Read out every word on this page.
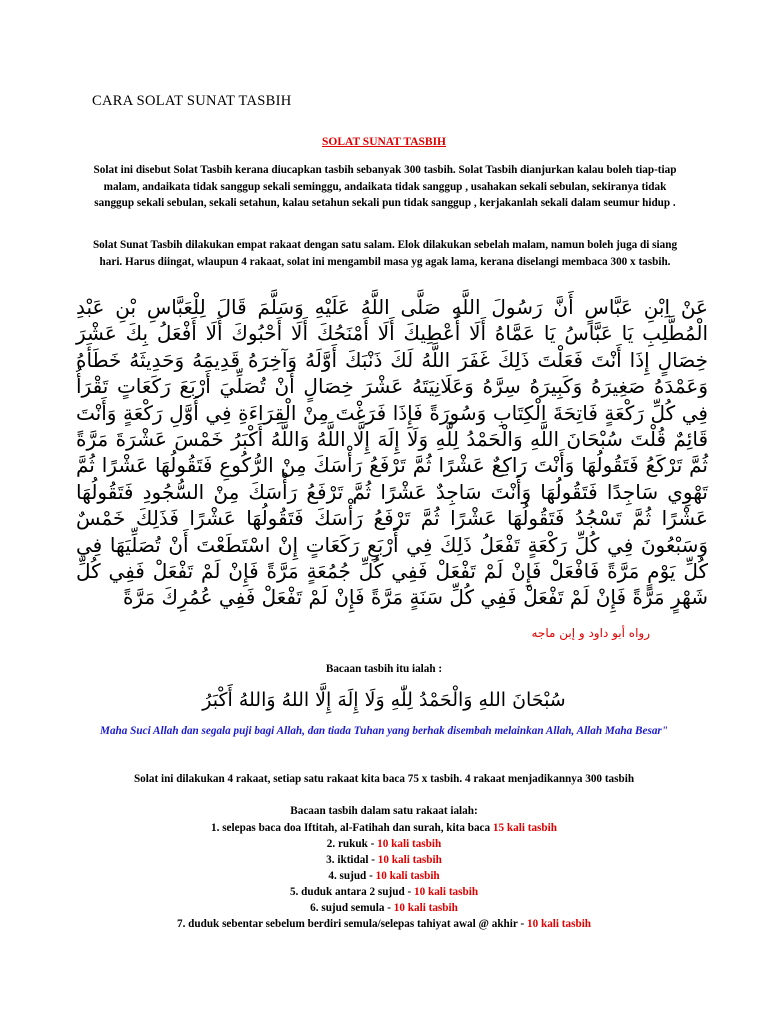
CARA SOLAT SUNAT TASBIH
SOLAT SUNAT TASBIH
Solat ini disebut Solat Tasbih kerana diucapkan tasbih sebanyak 300 tasbih. Solat Tasbih dianjurkan kalau boleh tiap-tiap malam, andaikata tidak sanggup sekali seminggu, andaikata tidak sanggup , usahakan sekali sebulan, sekiranya tidak sanggup sekali sebulan, sekali setahun, kalau setahun sekali pun tidak sanggup , kerjakanlah sekali dalam seumur hidup .
Solat Sunat Tasbih dilakukan empat rakaat dengan satu salam. Elok dilakukan sebelah malam, namun boleh juga di siang hari. Harus diingat, wlaupun 4 rakaat, solat ini mengambil masa yg agak lama, kerana diselangi membaca 300 x tasbih.
عَنْ اِبْنِ عَبَّاسٍ أَنَّ رَسُولَ اللَّهِ صَلَّى اللَّهُ عَلَيْهِ وَسَلَّمَ قَالَ لِلْعَبَّاسِ بْنِ عَبْدِ الْمُطَّلِبِ يَا عَبَّاسُ يَا عَمَّاهُ أَلَا أُعْطِيكَ أَلَا أَمْنَحُكَ أَلَا أَحْبُوكَ أَلَا أَفْعَلُ بِكَ عَشْرَ خِصَالٍ إِذَا أَنْتَ فَعَلْتَ ذَلِكَ غَفَرَ اللَّهُ لَكَ ذَنْبَكَ أَوَّلَهُ وَآخِرَهُ قَدِيمَهُ وَحَدِيثَهُ خَطَأَهُ وَعَمْدَهُ صَغِيرَهُ وَكَبِيرَهُ سِرَّهُ وَعَلَانِيَتَهُ عَشْرَ خِصَالٍ أَنْ تُصَلِّيَ أَرْبَعَ رَكَعَاتٍ تَقْرَأُ فِي كُلِّ رَكْعَةٍ فَاتِحَةَ الْكِتَابِ وَسُورَةً فَإِذَا فَرَغْتَ مِنْ الْقِرَاءَةِ فِي أَوَّلِ رَكْعَةٍ وَأَنْتَ قَائِمٌ قُلْتَ سُبْحَانَ اللَّهِ وَالْحَمْدُ لِلَّهِ وَلَا إِلَهَ إِلَّا اللَّهُ وَاللَّهُ أَكْبَرُ خَمْسَ عَشْرَةَ مَرَّةً ثُمَّ تَرْكَعُ فَتَقُولُهَا وَأَنْتَ رَاكِعٌ عَشْرًا ثُمَّ تَرْفَعُ رَأْسَكَ مِنْ الرُّكُوعِ فَتَقُولُهَا عَشْرًا ثُمَّ تَهْوِي سَاجِدًا فَتَقُولُهَا وَأَنْتَ سَاجِدٌ عَشْرًا ثُمَّ تَرْفَعُ رَأْسَكَ مِنْ السُّجُودِ فَتَقُولُهَا عَشْرًا ثُمَّ تَسْجُدُ فَتَقُولُهَا عَشْرًا ثُمَّ تَرْفَعُ رَأْسَكَ فَتَقُولُهَا عَشْرًا فَذَلِكَ خَمْسٌ وَسَبْعُونَ فِي كُلِّ رَكْعَةٍ تَفْعَلُ ذَلِكَ فِي أَرْبَعِ رَكَعَاتٍ إِنْ اسْتَطَعْتَ أَنْ تُصَلِّيَهَا فِي كُلِّ يَوْمٍ مَرَّةً فَافْعَلْ فَإِنْ لَمْ تَفْعَلْ فَفِي كُلِّ جُمُعَةٍ مَرَّةً فَإِنْ لَمْ تَفْعَلْ فَفِي كُلِّ شَهْرٍ مَرَّةً فَإِنْ لَمْ تَفْعَلْ فَفِي كُلِّ سَنَةٍ مَرَّةً فَإِنْ لَمْ تَفْعَلْ فَفِي عُمُرِكَ مَرَّةً
رواه أبو داود و إبن ماجه
Bacaan tasbih itu ialah :
سُبْحَانَ اللهِ وَالْحَمْدُ لِلّٰهِ وَلَا إِلَهَ إِلَّا اللهُ وَاللهُ أَكْبَرُ
Maha Suci Allah dan segala puji bagi Allah, dan tiada Tuhan yang berhak disembah melainkan Allah, Allah Maha Besar"
Solat ini dilakukan 4 rakaat, setiap satu rakaat kita baca 75 x tasbih. 4 rakaat menjadikannya 300 tasbih
Bacaan tasbih dalam satu rakaat ialah:
1. selepas baca doa Iftitah, al-Fatihah dan surah, kita baca 15 kali tasbih
2. rukuk - 10 kali tasbih
3. iktidal - 10 kali tasbih
4. sujud - 10 kali tasbih
5. duduk antara 2 sujud - 10 kali tasbih
6. sujud semula - 10 kali tasbih
7. duduk sebentar sebelum berdiri semula/selepas tahiyat awal @ akhir - 10 kali tasbih
